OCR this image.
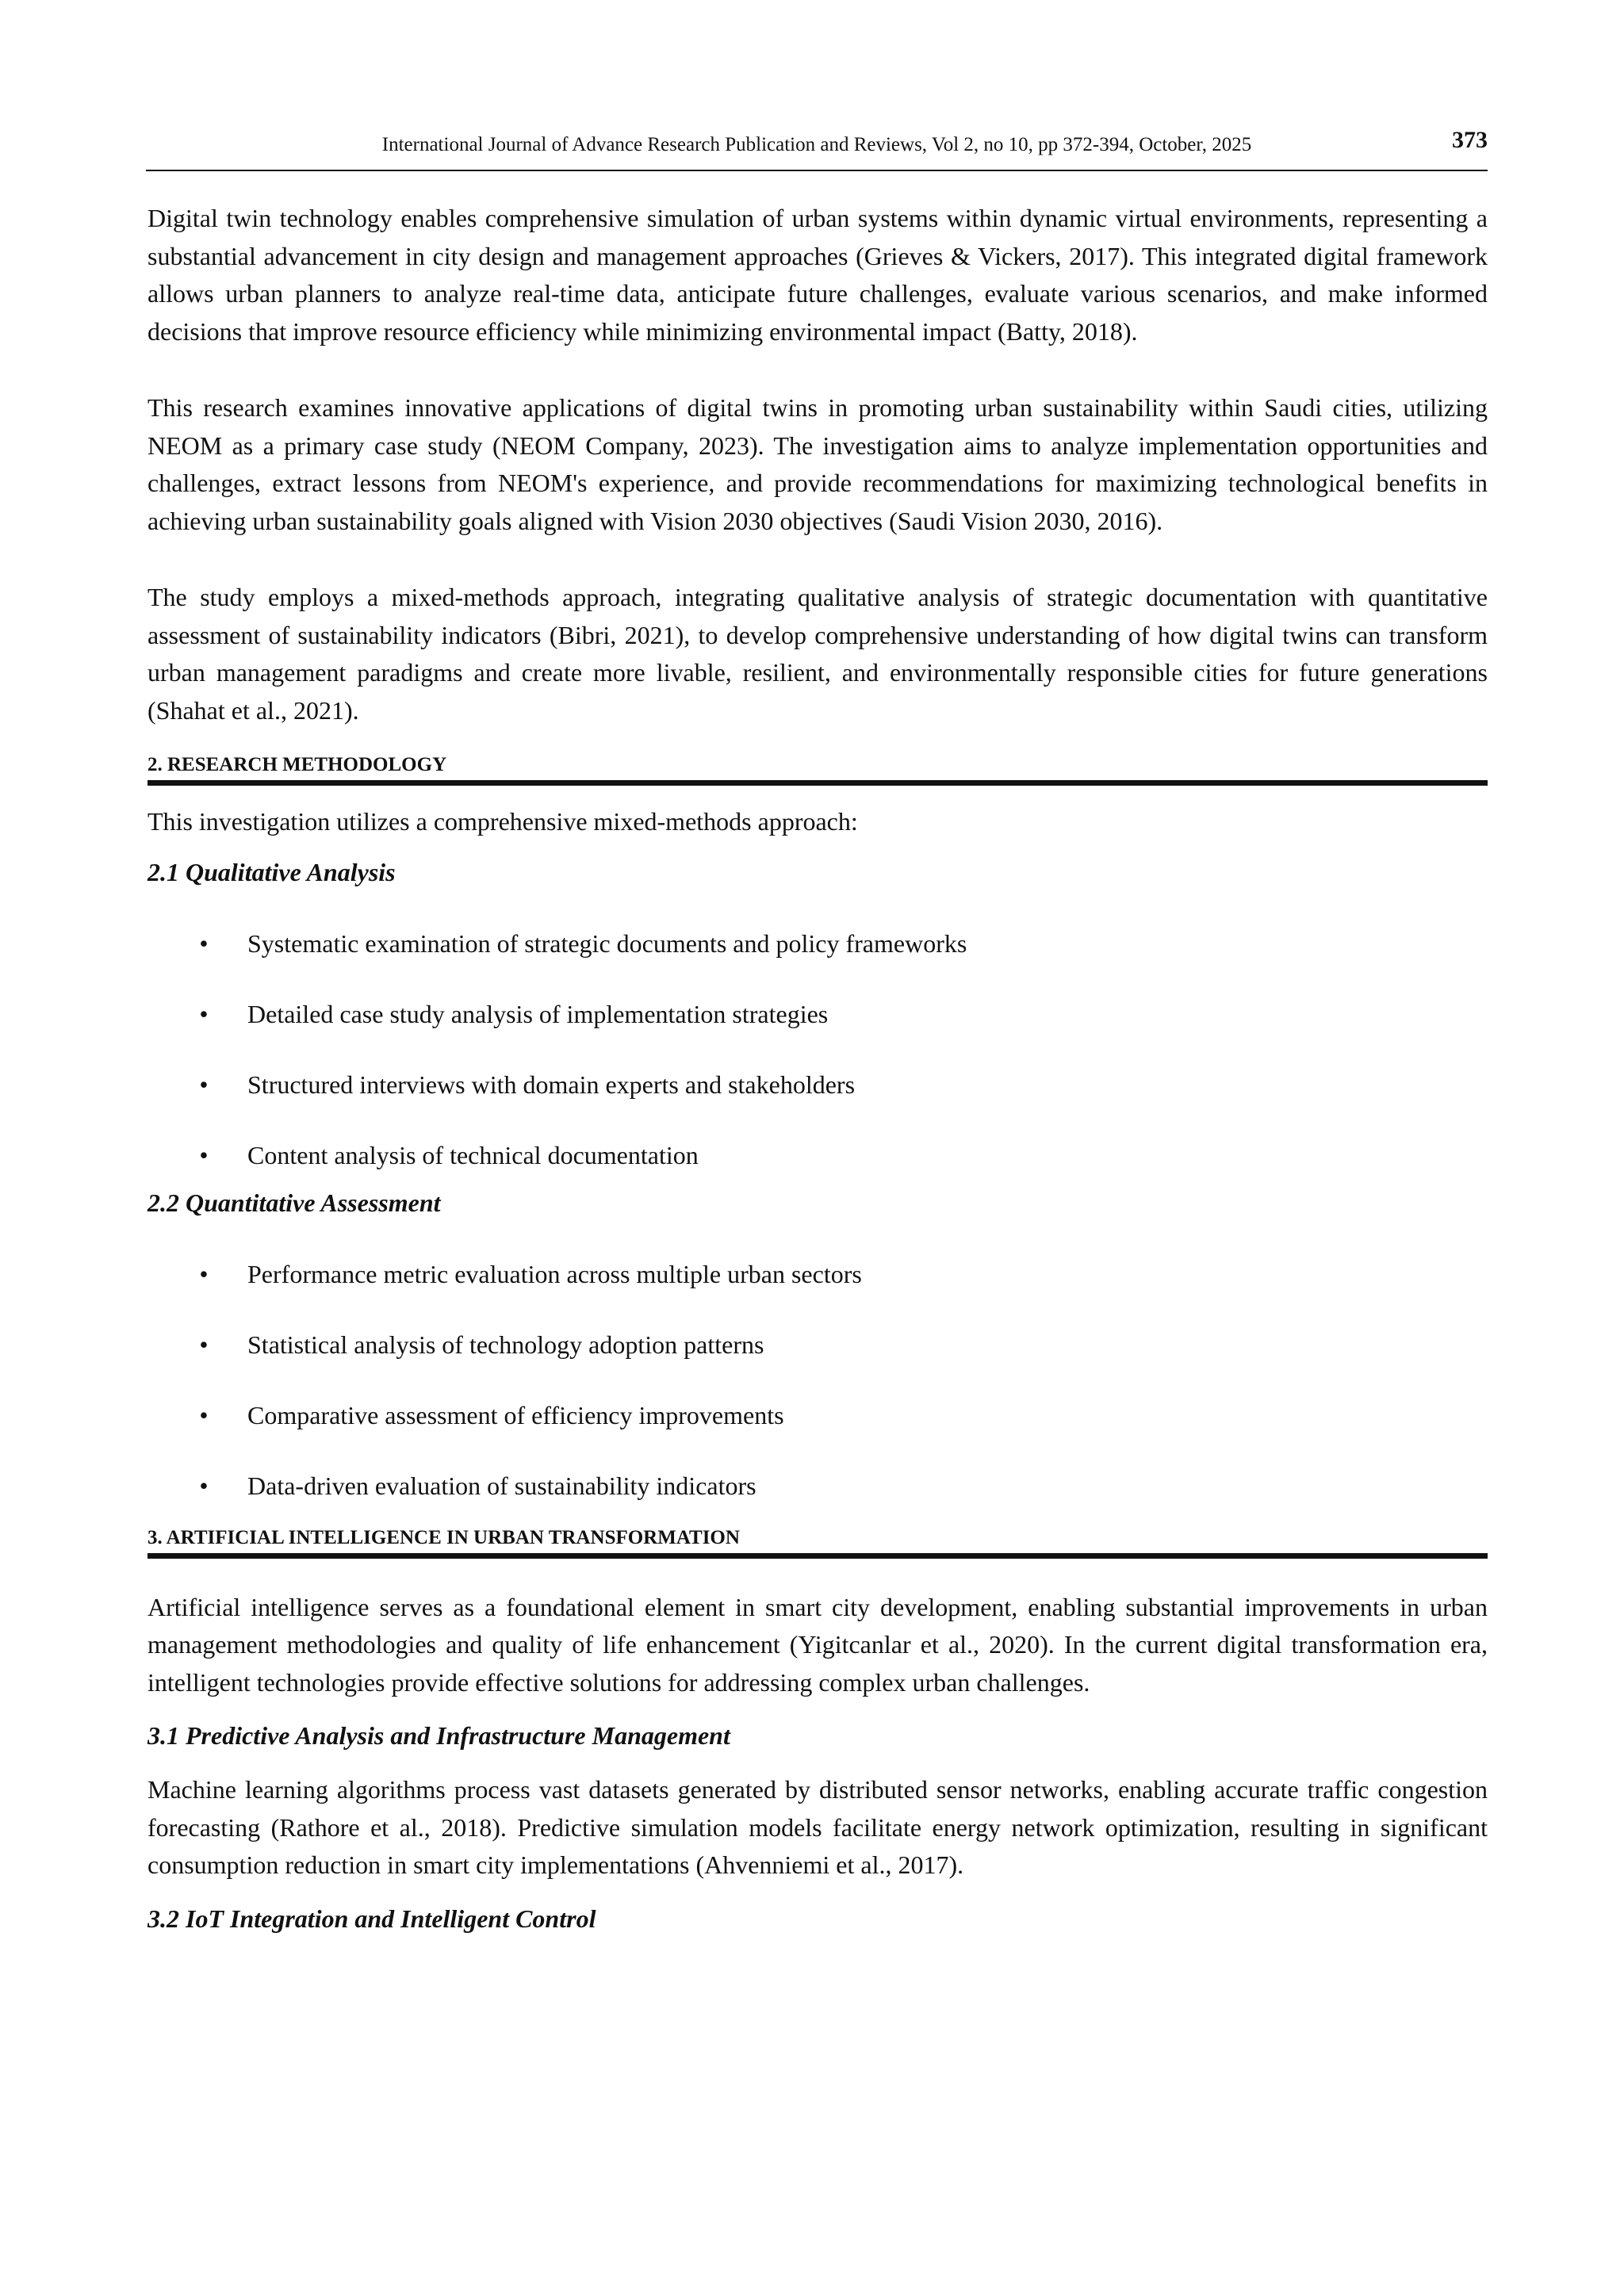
International Journal of Advance Research Publication and Reviews, Vol 2, no 10, pp 372-394, October, 2025	373

Digital twin technology enables comprehensive simulation of urban systems within dynamic virtual environments, representing a substantial advancement in city design and management approaches (Grieves & Vickers, 2017). This integrated digital framework allows urban planners to analyze real-time data, anticipate future challenges, evaluate various scenarios, and make informed decisions that improve resource efficiency while minimizing environmental impact (Batty, 2018).

This research examines innovative applications of digital twins in promoting urban sustainability within Saudi cities, utilizing NEOM as a primary case study (NEOM Company, 2023). The investigation aims to analyze implementation opportunities and challenges, extract lessons from NEOM's experience, and provide recommendations for maximizing technological benefits in achieving urban sustainability goals aligned with Vision 2030 objectives (Saudi Vision 2030, 2016).

The study employs a mixed-methods approach, integrating qualitative analysis of strategic documentation with quantitative assessment of sustainability indicators (Bibri, 2021), to develop comprehensive understanding of how digital twins can transform urban management paradigms and create more livable, resilient, and environmentally responsible cities for future generations (Shahat et al., 2021).

2. RESEARCH METHODOLOGY

This investigation utilizes a comprehensive mixed-methods approach:

2.1 Qualitative Analysis
• Systematic examination of strategic documents and policy frameworks
• Detailed case study analysis of implementation strategies
• Structured interviews with domain experts and stakeholders
• Content analysis of technical documentation
2.2 Quantitative Assessment
• Performance metric evaluation across multiple urban sectors
• Statistical analysis of technology adoption patterns
• Comparative assessment of efficiency improvements
• Data-driven evaluation of sustainability indicators
3. ARTIFICIAL INTELLIGENCE IN URBAN TRANSFORMATION

Artificial intelligence serves as a foundational element in smart city development, enabling substantial improvements in urban management methodologies and quality of life enhancement (Yigitcanlar et al., 2020). In the current digital transformation era, intelligent technologies provide effective solutions for addressing complex urban challenges.

3.1 Predictive Analysis and Infrastructure Management

Machine learning algorithms process vast datasets generated by distributed sensor networks, enabling accurate traffic congestion forecasting (Rathore et al., 2018). Predictive simulation models facilitate energy network optimization, resulting in significant consumption reduction in smart city implementations (Ahvenniemi et al., 2017).

3.2 IoT Integration and Intelligent Control
